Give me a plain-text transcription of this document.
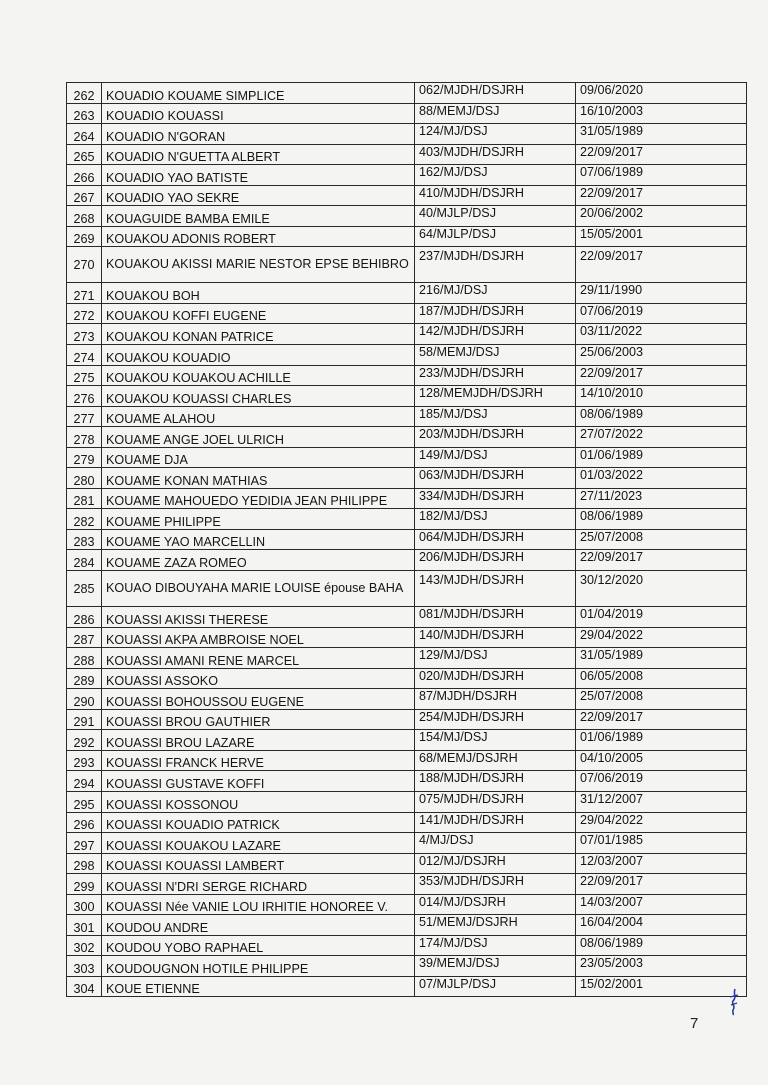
262	KOUADIO KOUAME SIMPLICE	062/MJDH/DSJRH	09/06/2020
263	KOUADIO KOUASSI	88/MEMJ/DSJ	16/10/2003
264	KOUADIO N'GORAN	124/MJ/DSJ	31/05/1989
265	KOUADIO N'GUETTA ALBERT	403/MJDH/DSJRH	22/09/2017
266	KOUADIO YAO BATISTE	162/MJ/DSJ	07/06/1989
267	KOUADIO YAO SEKRE	410/MJDH/DSJRH	22/09/2017
268	KOUAGUIDE BAMBA EMILE	40/MJLP/DSJ	20/06/2002
269	KOUAKOU ADONIS ROBERT	64/MJLP/DSJ	15/05/2001
270	KOUAKOU AKISSI MARIE NESTOR EPSE BEHIBRO	237/MJDH/DSJRH	22/09/2017
271	KOUAKOU BOH	216/MJ/DSJ	29/11/1990
272	KOUAKOU KOFFI EUGENE	187/MJDH/DSJRH	07/06/2019
273	KOUAKOU KONAN PATRICE	142/MJDH/DSJRH	03/11/2022
274	KOUAKOU KOUADIO	58/MEMJ/DSJ	25/06/2003
275	KOUAKOU KOUAKOU ACHILLE	233/MJDH/DSJRH	22/09/2017
276	KOUAKOU KOUASSI CHARLES	128/MEMJDH/DSJRH	14/10/2010
277	KOUAME ALAHOU	185/MJ/DSJ	08/06/1989
278	KOUAME ANGE JOEL ULRICH	203/MJDH/DSJRH	27/07/2022
279	KOUAME DJA	149/MJ/DSJ	01/06/1989
280	KOUAME KONAN MATHIAS	063/MJDH/DSJRH	01/03/2022
281	KOUAME MAHOUEDO YEDIDIA JEAN PHILIPPE	334/MJDH/DSJRH	27/11/2023
282	KOUAME PHILIPPE	182/MJ/DSJ	08/06/1989
283	KOUAME YAO MARCELLIN	064/MJDH/DSJRH	25/07/2008
284	KOUAME ZAZA ROMEO	206/MJDH/DSJRH	22/09/2017
285	KOUAO DIBOUYAHA MARIE LOUISE épouse BAHA	143/MJDH/DSJRH	30/12/2020
286	KOUASSI AKISSI THERESE	081/MJDH/DSJRH	01/04/2019
287	KOUASSI AKPA AMBROISE NOEL	140/MJDH/DSJRH	29/04/2022
288	KOUASSI AMANI RENE MARCEL	129/MJ/DSJ	31/05/1989
289	KOUASSI ASSOKO	020/MJDH/DSJRH	06/05/2008
290	KOUASSI BOHOUSSOU EUGENE	87/MJDH/DSJRH	25/07/2008
291	KOUASSI BROU GAUTHIER	254/MJDH/DSJRH	22/09/2017
292	KOUASSI BROU LAZARE	154/MJ/DSJ	01/06/1989
293	KOUASSI FRANCK HERVE	68/MEMJ/DSJRH	04/10/2005
294	KOUASSI GUSTAVE KOFFI	188/MJDH/DSJRH	07/06/2019
295	KOUASSI KOSSONOU	075/MJDH/DSJRH	31/12/2007
296	KOUASSI KOUADIO PATRICK	141/MJDH/DSJRH	29/04/2022
297	KOUASSI KOUAKOU LAZARE	4/MJ/DSJ	07/01/1985
298	KOUASSI KOUASSI LAMBERT	012/MJ/DSJRH	12/03/2007
299	KOUASSI N'DRI SERGE RICHARD	353/MJDH/DSJRH	22/09/2017
300	KOUASSI Née VANIE LOU IRHITIE HONOREE V.	014/MJ/DSJRH	14/03/2007
301	KOUDOU ANDRE	51/MEMJ/DSJRH	16/04/2004
302	KOUDOU YOBO RAPHAEL	174/MJ/DSJ	08/06/1989
303	KOUDOUGNON HOTILE PHILIPPE	39/MEMJ/DSJ	23/05/2003
304	KOUE ETIENNE	07/MJLP/DSJ	15/02/2001
7
